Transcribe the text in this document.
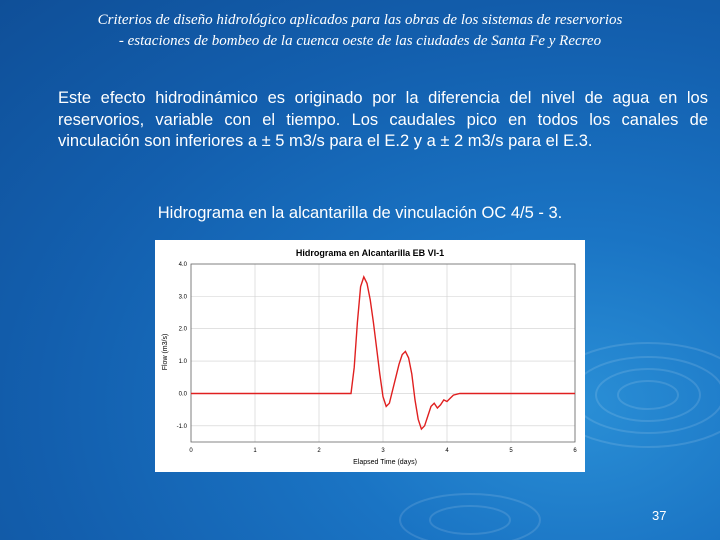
Criterios de diseño hidrológico aplicados para las obras de los sistemas de reservorios
- estaciones de bombeo de la cuenca oeste de las ciudades de Santa Fe y Recreo
Este efecto hidrodinámico es originado por la diferencia del nivel de agua en los reservorios, variable con el tiempo. Los caudales pico en todos los canales de vinculación son inferiores a ± 5 m3/s para el E.2 y a ± 2 m3/s para el E.3.
Hidrograma en la alcantarilla de vinculación OC 4/5 - 3.
Hidrograma en Alcantarilla EB VI-1
0	1	2	3	4	5	6
-1.0
0.0
1.0
2.0
3.0
4.0
Elapsed Time (days)
Flow (m3/s)
37
